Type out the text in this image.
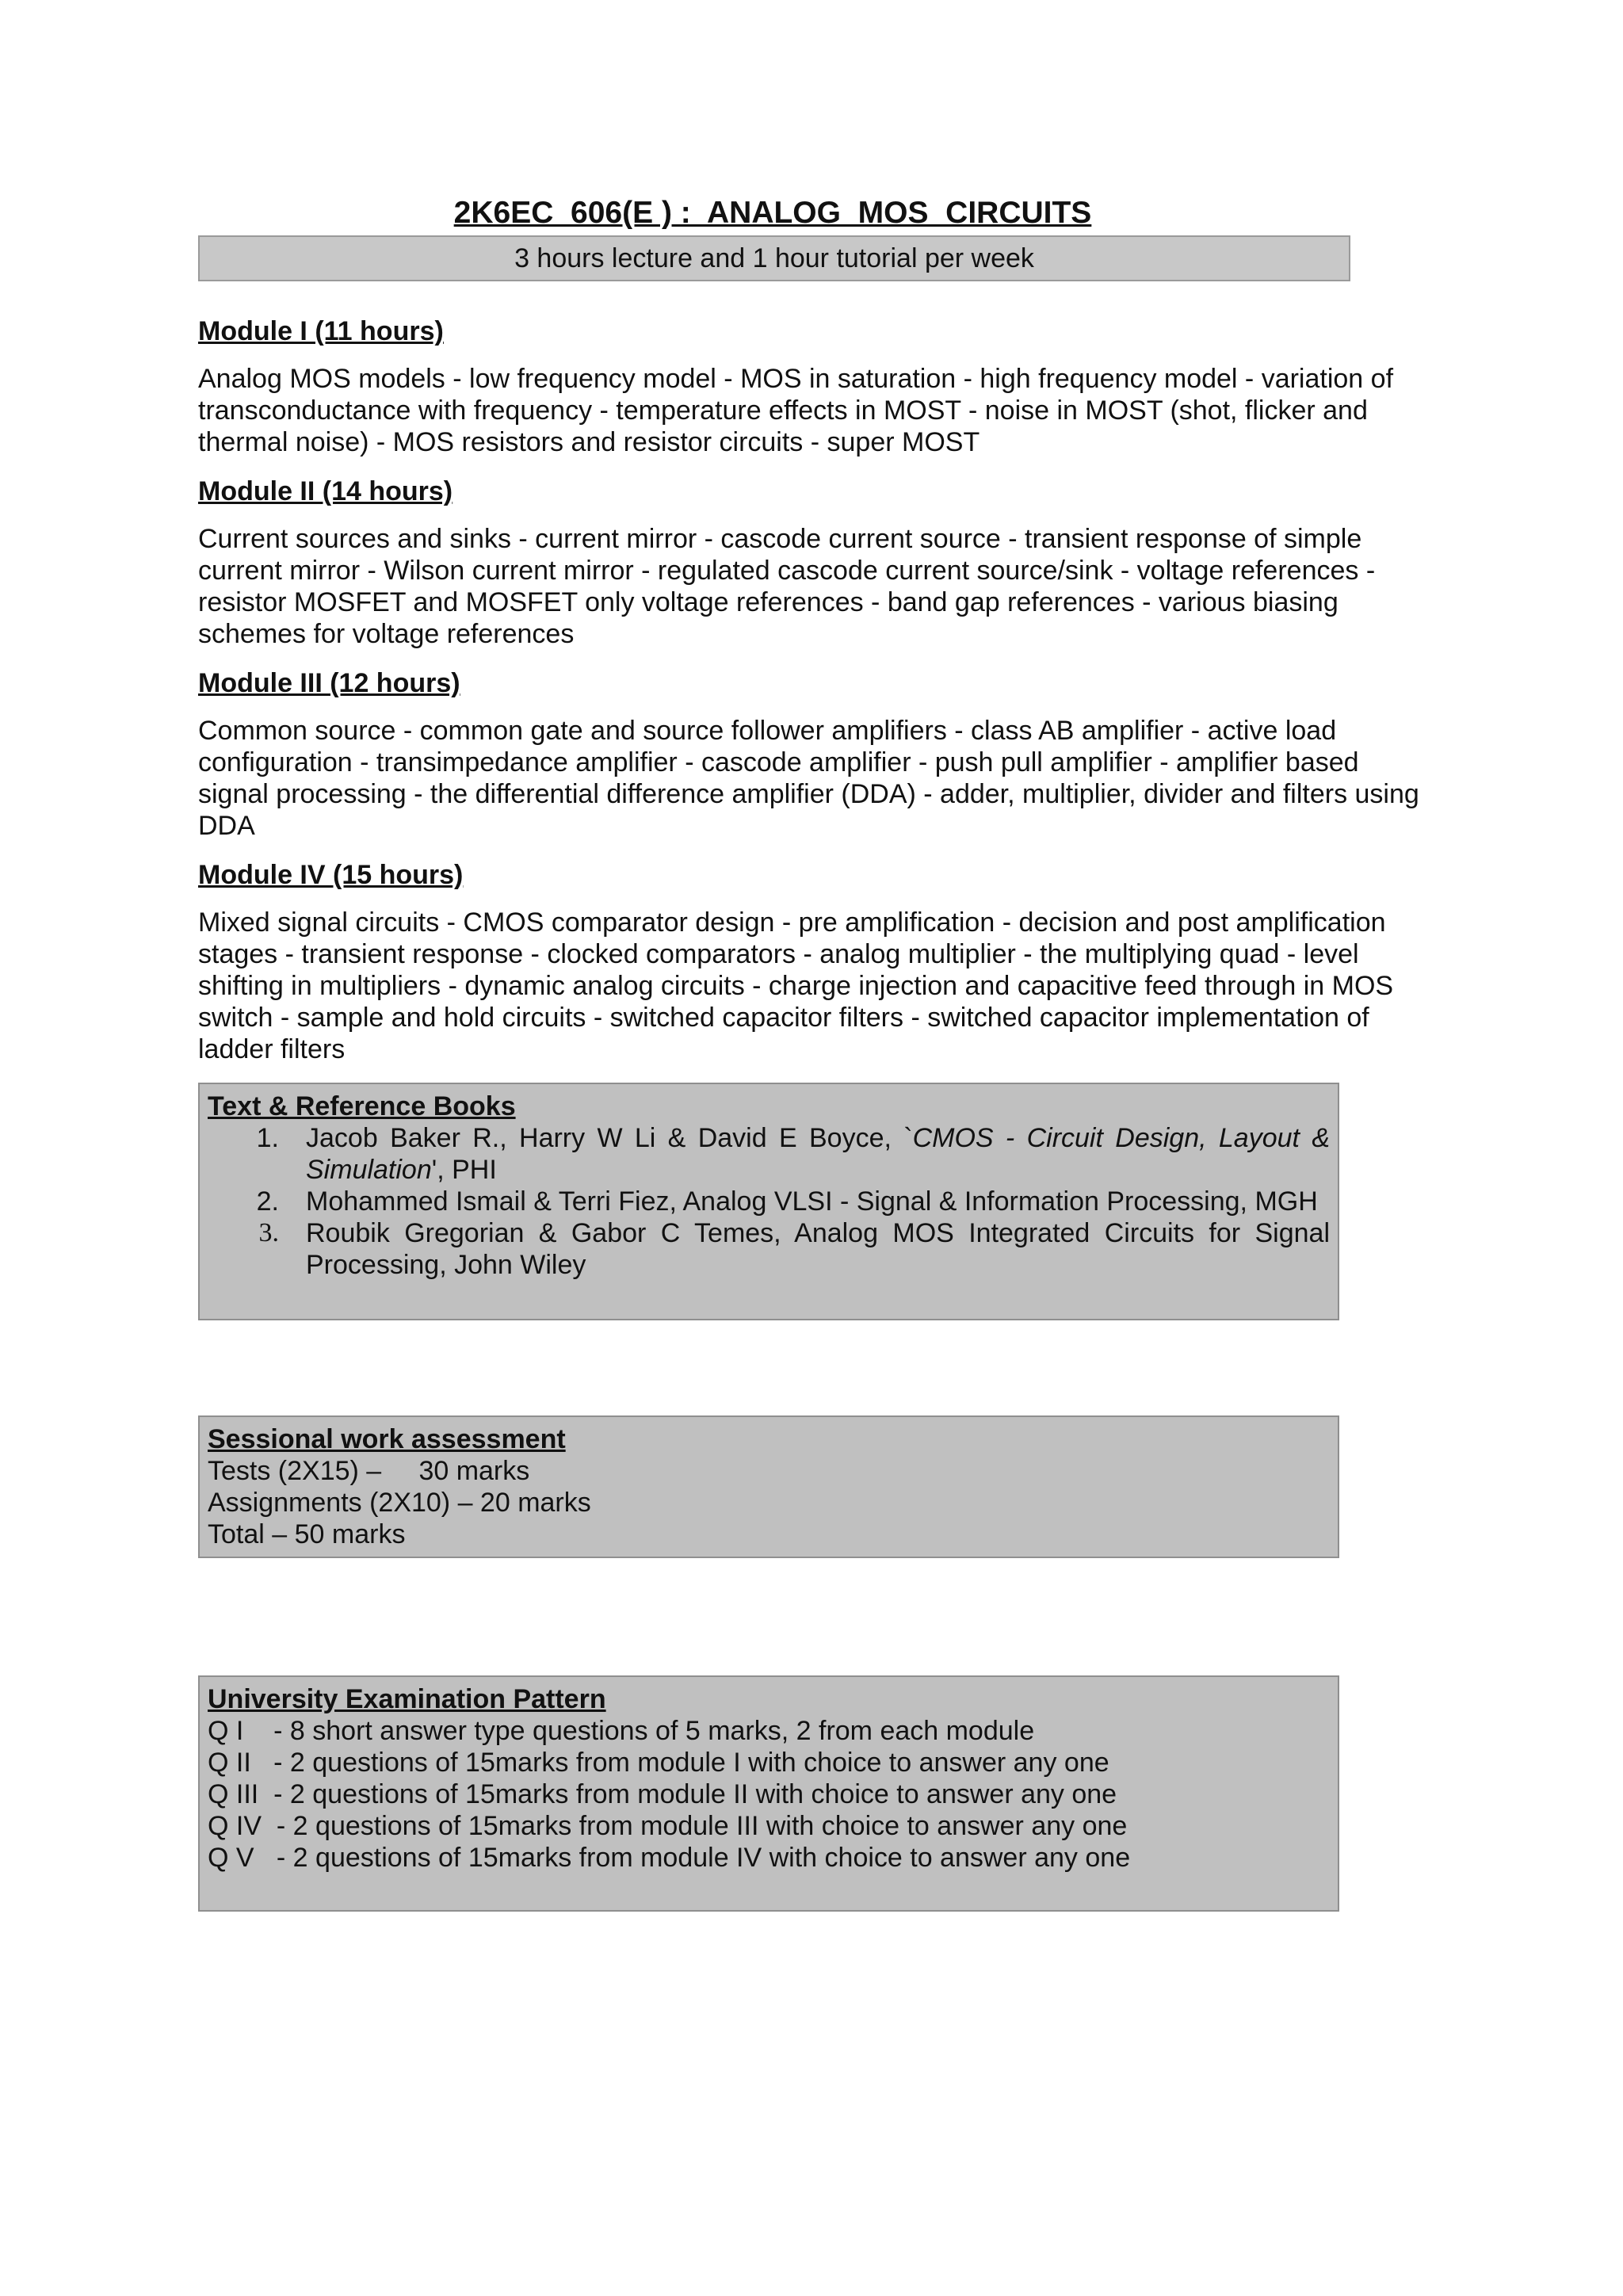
2K6EC  606(E ) :  ANALOG  MOS  CIRCUITS
3 hours lecture and 1 hour tutorial per week

Module I (11 hours)

Analog MOS models - low frequency model - MOS in saturation - high frequency model - variation of transconductance with frequency - temperature effects in MOST - noise in MOST (shot, flicker and thermal noise) - MOS resistors and resistor circuits - super MOST

Module II (14 hours)

Current sources and sinks - current mirror - cascode current source - transient response of simple current mirror - Wilson current mirror - regulated cascode current source/sink - voltage references - resistor MOSFET and MOSFET only voltage references - band gap references - various biasing schemes for voltage references

Module III (12 hours)

Common source - common gate and source follower amplifiers - class AB amplifier - active load configuration - transimpedance amplifier - cascode amplifier - push pull amplifier - amplifier based signal processing - the differential difference amplifier (DDA) - adder, multiplier, divider and filters using DDA

Module IV (15 hours)

Mixed signal circuits - CMOS comparator design - pre amplification - decision and post amplification stages - transient response - clocked comparators - analog multiplier - the multiplying quad - level shifting in multipliers - dynamic analog circuits - charge injection and capacitive feed through in MOS switch - sample and hold circuits - switched capacitor filters - switched capacitor implementation of ladder filters

Text & Reference Books
1.	Jacob Baker R., Harry W Li & David E Boyce, `CMOS - Circuit Design, Layout & Simulation', PHI
2.	Mohammed Ismail & Terri Fiez, Analog VLSI - Signal & Information Processing, MGH
3.	Roubik Gregorian & Gabor C Temes, Analog MOS Integrated Circuits for Signal Processing, John Wiley
Sessional work assessment
Tests (2X15) –     30 marks
Assignments (2X10) – 20 marks
Total – 50 marks
University Examination Pattern
Q I    - 8 short answer type questions of 5 marks, 2 from each module
Q II   - 2 questions of 15marks from module I with choice to answer any one
Q III  - 2 questions of 15marks from module II with choice to answer any one
Q IV  - 2 questions of 15marks from module III with choice to answer any one
Q V   - 2 questions of 15marks from module IV with choice to answer any one
